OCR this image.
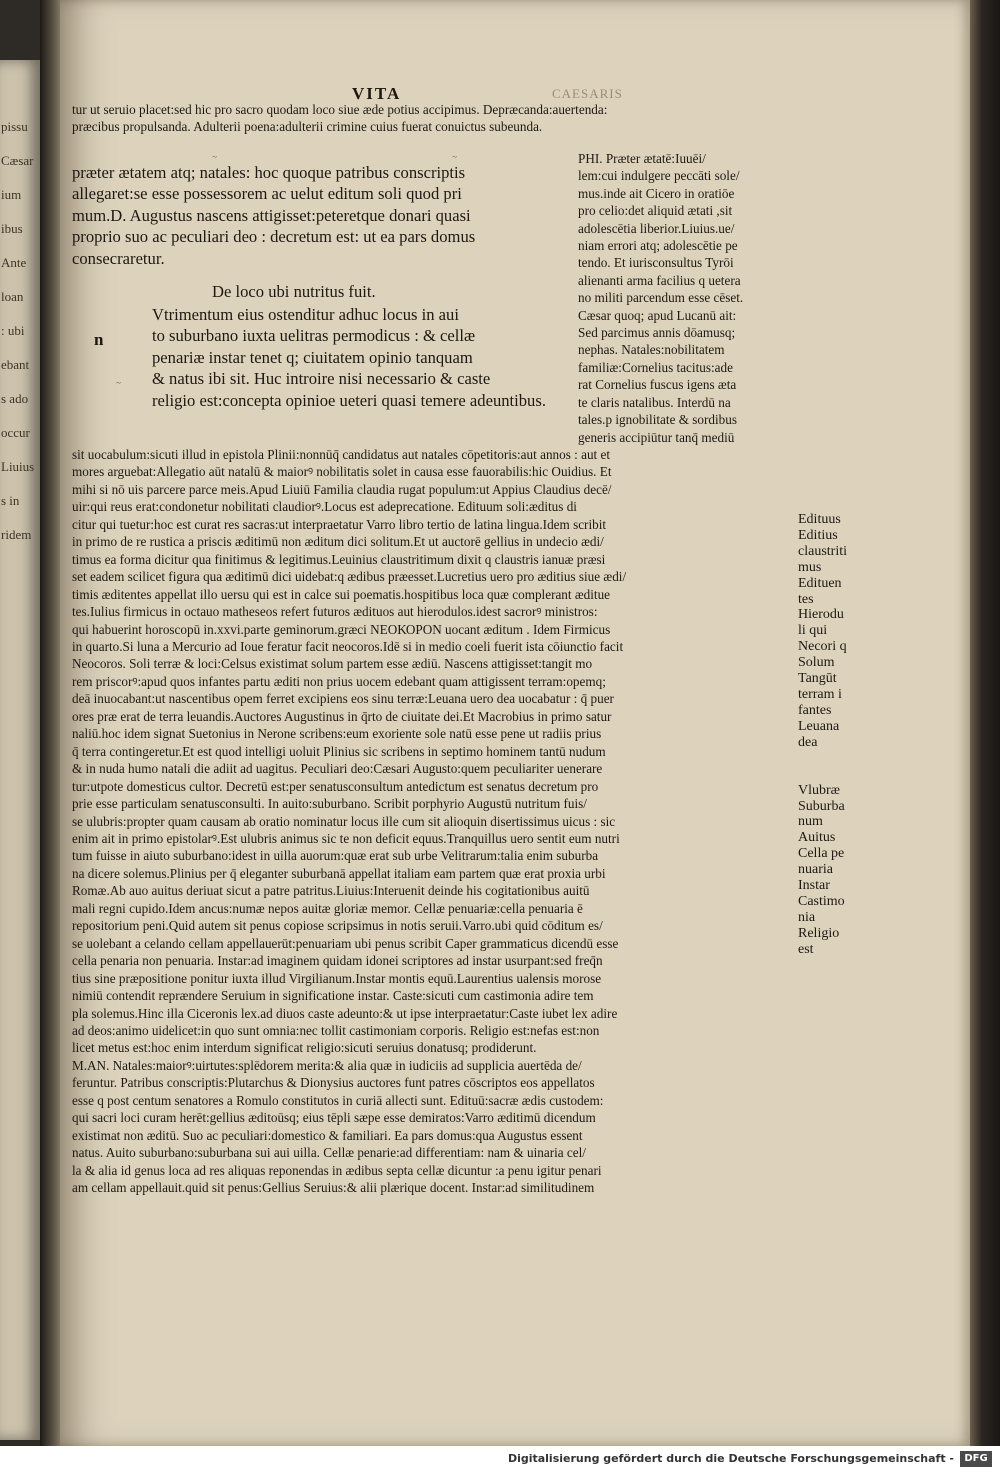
pissu
Cæsar
ium
ibus
Ante
loan
: ubi
ebant
s ado
occur
Liuius
s in
ridem
VITA	CAESARIS
tur ut seruio placet:sed hic pro sacro quodam loco siue æde potius accipimus. Depræcanda:auertenda:
præcibus propulsanda. Adulterii poena:adulterii crimine cuius fuerat conuictus subeunda.
præter ætatem atq; natales: hoc quoque patribus conscriptis
allegaret:se esse possessorem ac uelut editum soli quod pri
mum.D. Augustus nascens attigisset:peteretque donari quasi
proprio suo ac peculiari deo : decretum est: ut ea pars domus
consecraretur.
De loco ubi nutritus fuit.
n
Vtrimentum eius ostenditur adhuc locus in aui
to suburbano iuxta uelitras permodicus : & cellæ
penariæ instar tenet q; ciuitatem opinio tanquam
& natus ibi sit. Huc introire nisi necessario & caste
religio est:concepta opinioe ueteri quasi temere adeuntibus.
PHI. Præter ætatē:Iuuēi/
lem:cui indulgere peccāti sole/
mus.inde ait Cicero in oratiōe
pro celio:det aliquid ætati ,sit
adolescētia liberior.Liuius.ue/
niam errori atq; adolescētie pe
tendo. Et iurisconsultus Tyrōi
alienanti arma facilius q uetera
no militi parcendum esse cēset.
Cæsar quoq; apud Lucanū ait:
Sed parcimus annis dōamusq;
nephas. Natales:nobilitatem
familiæ:Cornelius tacitus:ade
rat Cornelius fuscus igens æta
te claris natalibus. Interdū na
tales.p ignobilitate & sordibus
generis accipiūtur tanq̄ mediū
sit uocabulum:sicuti illud in epistola Plinii:nonnūq̄ candidatus aut natales cōpetitoris:aut annos : aut et
mores arguebat:Allegatio aūt natalū & maiorꝰ nobilitatis solet in causa esse fauorabilis:hic Ouidius. Et
mihi si nō uis parcere parce meis.Apud Liuiū Familia claudia rugat populum:ut Appius Claudius decē/
uir:qui reus erat:condonetur nobilitati claudiorꝰ.Locus est adeprecatione. Edituum soli:æditus di
citur qui tuetur:hoc est curat res sacras:ut interpraetatur Varro libro tertio de latina lingua.Idem scribit
in primo de re rustica a priscis æditimū non æditum dici solitum.Et ut auctorē gellius in undecio ædi/
timus ea forma dicitur qua finitimus & legitimus.Leuinius claustritimum dixit q claustris ianuæ præsi
set eadem scilicet figura qua æditimū dici uidebat:q ædibus præesset.Lucretius uero pro æditius siue ædi/
timis æditentes appellat illo uersu qui est in calce sui poematis.hospitibus loca quæ complerant æditue
tes.Iulius firmicus in octauo matheseos refert futuros ædituos aut hierodulos.idest sacrorꝰ ministros:
qui habuerint horoscopū in.xxvi.parte geminorum.græci ΝΕΟΚΟΡΟΝ uocant æditum . Idem Firmicus
in quarto.Si luna a Mercurio ad Ioue feratur facit neocoros.Idē si in medio coeli fuerit ista cōiunctio facit
Neocoros. Soli terræ & loci:Celsus existimat solum partem esse ædiū. Nascens attigisset:tangit mo
rem priscorꝰ:apud quos infantes partu æditi non prius uocem edebant quam attigissent terram:opemq;
deā inuocabant:ut nascentibus opem ferret excipiens eos sinu terræ:Leuana uero dea uocabatur : q̄ puer
ores præ erat de terra leuandis.Auctores Augustinus in q̄rto de ciuitate dei.Et Macrobius in primo satur
naliū.hoc idem signat Suetonius in Nerone scribens:eum exoriente sole natū esse pene ut radiis prius
q̄ terra contingeretur.Et est quod intelligi uoluit Plinius sic scribens in septimo hominem tantū nudum
& in nuda humo natali die adiit ad uagitus. Peculiari deo:Cæsari Augusto:quem peculiariter uenerare
tur:utpote domesticus cultor. Decretū est:per senatusconsultum antedictum est senatus decretum pro
prie esse particulam senatusconsulti. In auito:suburbano. Scribit porphyrio Augustū nutritum fuis/
se ulubris:propter quam causam ab oratio nominatur locus ille cum sit alioquin disertissimus uicus : sic
enim ait in primo epistolarꝰ.Est ulubris animus sic te non deficit equus.Tranquillus uero sentit eum nutri
tum fuisse in aiuto suburbano:idest in uilla auorum:quæ erat sub urbe Velitrarum:talia enim suburba
na dicere solemus.Plinius per q̄ eleganter suburbanā appellat italiam eam partem quæ erat proxia urbi
Romæ.Ab auo auitus deriuat sicut a patre patritus.Liuius:Interuenit deinde his cogitationibus auitū
mali regni cupido.Idem ancus:numæ nepos auitæ gloriæ memor. Cellæ penuariæ:cella penuaria ē
repositorium peni.Quid autem sit penus copiose scripsimus in notis seruii.Varro.ubi quid cōditum es/
se uolebant a celando cellam appellauerūt:penuariam ubi penus scribit Caper grammaticus dicendū esse
cella penaria non penuaria. Instar:ad imaginem quidam idonei scriptores ad instar usurpant:sed freq̄n
tius sine præpositione ponitur iuxta illud Virgilianum.Instar montis equū.Laurentius ualensis morose
nimiū contendit reprændere Seruium in significatione instar. Caste:sicuti cum castimonia adire tem
pla solemus.Hinc illa Ciceronis lex.ad diuos caste adeunto:& ut ipse interpraetatur:Caste iubet lex adire
ad deos:animo uidelicet:in quo sunt omnia:nec tollit castimoniam corporis. Religio est:nefas est:non
licet metus est:hoc enim interdum significat religio:sicuti seruius donatusq; prodiderunt.
M.AN. Natales:maiorꝰ:uirtutes:splēdorem merita:& alia quæ in iudiciis ad supplicia auertēda de/
feruntur. Patribus conscriptis:Plutarchus & Dionysius auctores funt patres cōscriptos eos appellatos
esse q post centum senatores a Romulo constitutos in curiā allecti sunt. Edituū:sacræ ædis custodem:
qui sacri loci curam herēt:gellius æditoūsq; eius tēpli sæpe esse demiratos:Varro æditimū dicendum
existimat non æditū. Suo ac peculiari:domestico & familiari. Ea pars domus:qua Augustus essent
natus. Auito suburbano:suburbana sui aui uilla. Cellæ penarie:ad differentiam: nam & uinaria cel/
la & alia id genus loca ad res aliquas reponendas in ædibus septa cellæ dicuntur :a penu igitur penari
am cellam appellauit.quid sit penus:Gellius Seruius:& alii plærique docent. Instar:ad similitudinem
Edituus
Editius
claustriti
mus
Edituen
tes
Hierodu
li qui
Necori q
Solum
Tangūt
terram i
fantes
Leuana
dea
Vlubræ
Suburba
num
Auitus
Cella pe
nuaria
Instar
Castimo
nia
Religio
est
~	~
~
Digitalisierung gefördert durch die Deutsche Forschungsgemeinschaft -	DFG
